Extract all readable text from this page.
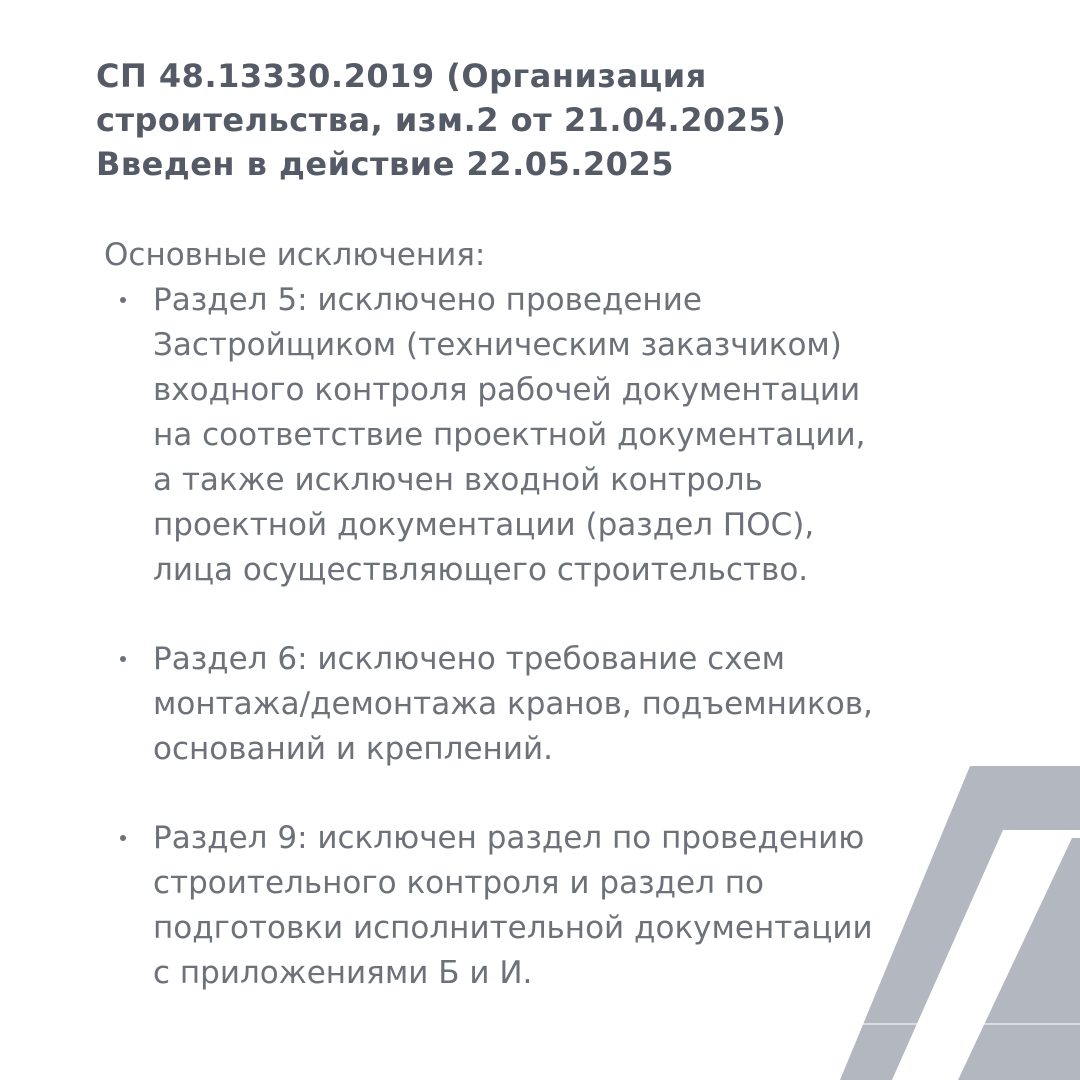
СП 48.13330.2019 (Организация
строительства, изм.2 от 21.04.2025)
Введен в действие 22.05.2025
Основные исключения:
Раздел 5: исключено проведение
Застройщиком (техническим заказчиком)
входного контроля рабочей документации
на соответствие проектной документации,
а также исключен входной контроль
проектной документации (раздел ПОС),
лица осуществляющего строительство.
Раздел 6: исключено требование схем
монтажа/демонтажа кранов, подъемников,
оснований и креплений.
Раздел 9: исключен раздел по проведению
строительного контроля и раздел по
подготовки исполнительной документации
с приложениями Б и И.
